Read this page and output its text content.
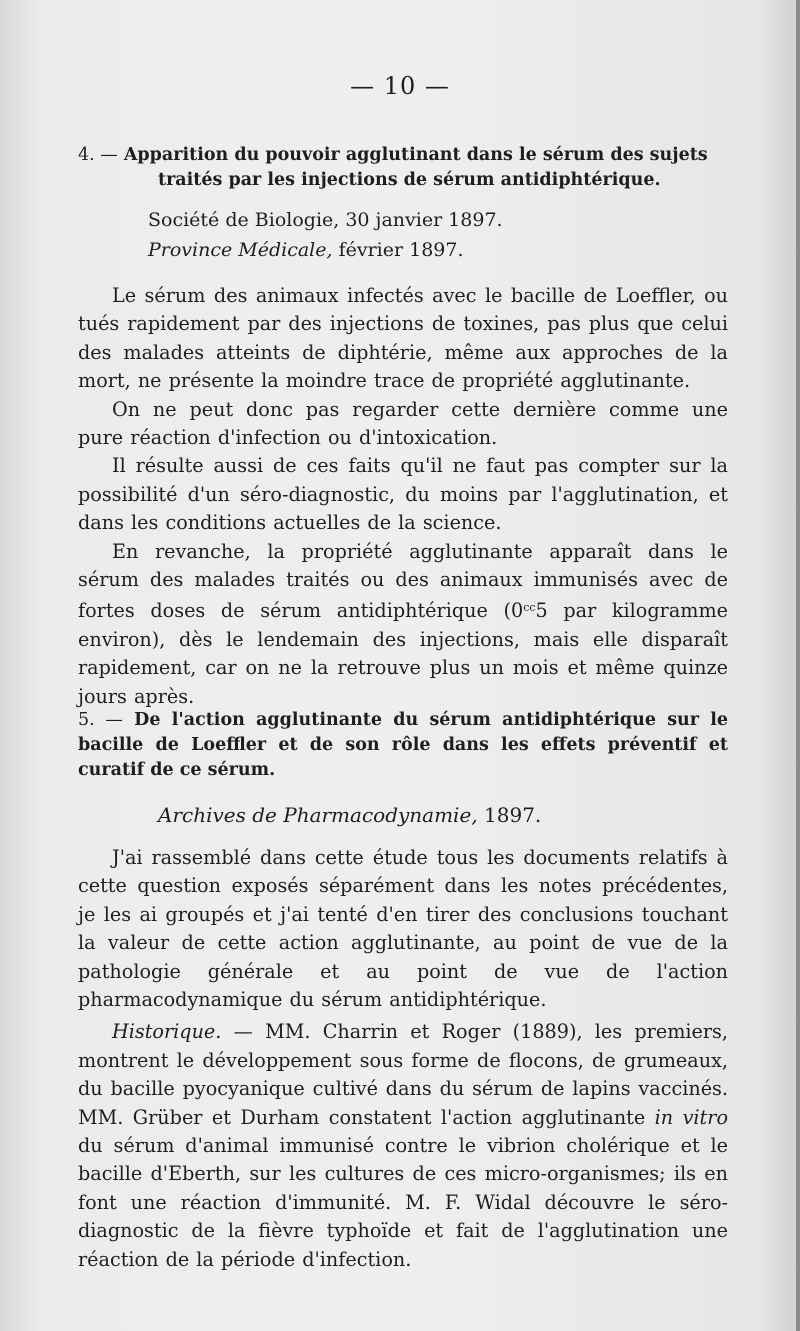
— 10 —

4. — Apparition du pouvoir agglutinant dans le sérum des sujets
traités par les injections de sérum antidiphtérique.

Société de Biologie, 30 janvier 1897.

Province Médicale, février 1897.

Le sérum des animaux infectés avec le bacille de Loeffler, ou tués rapidement par des injections de toxines, pas plus que celui des malades atteints de diphtérie, même aux approches de la mort, ne présente la moindre trace de propriété agglutinante.

On ne peut donc pas regarder cette dernière comme une pure réaction d'infection ou d'intoxication.

Il résulte aussi de ces faits qu'il ne faut pas compter sur la possibilité d'un séro-diagnostic, du moins par l'agglutination, et dans les conditions actuelles de la science.

En revanche, la propriété agglutinante apparaît dans le sérum des malades traités ou des animaux immunisés avec de fortes doses de sérum antidiphtérique ($0^{cc}5$ par kilogramme environ), dès le lendemain des injections, mais elle disparaît rapidement, car on ne la retrouve plus un mois et même quinze jours après.

5. — De l'action agglutinante du sérum antidiphtérique sur le bacille de Loeffler et de son rôle dans les effets préventif et curatif de ce sérum.

Archives de Pharmacodynamie, 1897.

J'ai rassemblé dans cette étude tous les documents relatifs à cette question exposés séparément dans les notes précédentes, je les ai groupés et j'ai tenté d'en tirer des conclusions touchant la valeur de cette action agglutinante, au point de vue de la pathologie générale et au point de vue de l'action pharmacodynamique du sérum antidiphtérique.

Historique. — MM. Charrin et Roger (1889), les premiers, montrent le développement sous forme de flocons, de grumeaux, du bacille pyocyanique cultivé dans du sérum de lapins vaccinés. MM. Grüber et Durham constatent l'action agglutinante in vitro du sérum d'animal immunisé contre le vibrion cholérique et le bacille d'Eberth, sur les cultures de ces micro-organismes; ils en font une réaction d'immunité. M. F. Widal découvre le séro-diagnostic de la fièvre typhoïde et fait de l'agglutination une réaction de la période d'infection.
